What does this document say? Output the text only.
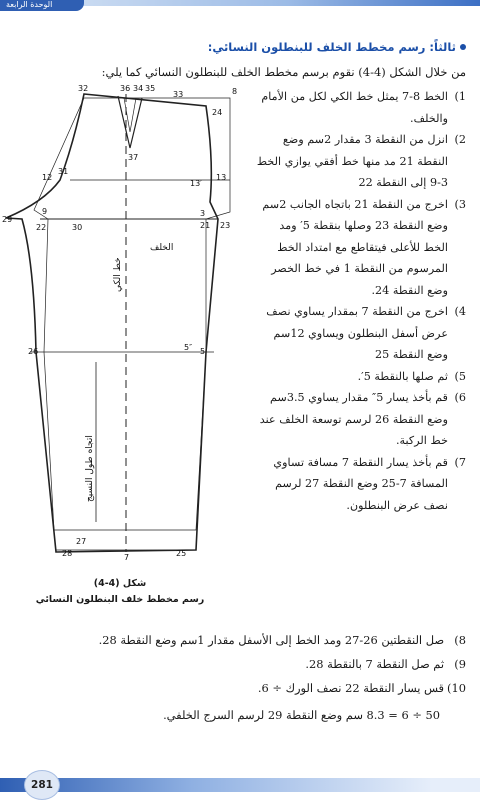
الوحدة الرابعة
ثالثاً: رسم مخطط الخلف للبنطلون النسائي:
من خلال الشكل (4-4) نقوم برسم مخطط الخلف للبنطلون النسائي كما يلي:
1)
الخط 8-7 يمثل خط الكي لكل من الأمام والخلف.
2)
انزل من النقطة 3 مقدار 2سم وضع النقطة 21 مد منها خط أفقي يوازي الخط 3-9 إلى النقطة 22
3)
اخرج من النقطة 21 باتجاه الجانب 2سم وضع النقطة 23 وصلها بنقطة 5′ ومد الخط للأعلى فيتقاطع مع امتداد الخط المرسوم من النقطة 1 في خط الخصر وضع النقطة 24.
4)
اخرج من النقطة 7 بمقدار يساوي نصف عرض أسفل البنطلون ويساوي 12سم وضع النقطة 25
5)
ثم صلها بالنقطة 5′.
6)
قم بأخذ يسار 5″ مقدار يساوي 3.5سم وضع النقطة 26 لرسم توسعة الخلف عند خط الركبة.
7)
قم بأخذ يسار النقطة 7 مسافة تساوي المسافة 7-25 وضع النقطة 27 لرسم نصف عرض البنطلون.
32	36 34 35
33	8
24
37
12
31
13′
13
9
29
22	30
3
21 23
26	5″ 5
27
28	7	25
الخلف
خط الكي
اتجاه طول النسيج
شكل (4-4)
رسم مخطط خلف البنطلون النسائي
8)
صل النقطتين 26-27 ومد الخط إلى الأسفل مقدار 1سم وضع النقطة 28.
9)
ثم صل النقطة 7 بالنقطة 28.
10)
قس يسار النقطة 22 نصف الورك ÷ 6.
50 ÷ 6 = 8.3 سم وضع النقطة 29 لرسم السرج الخلفي.
281
